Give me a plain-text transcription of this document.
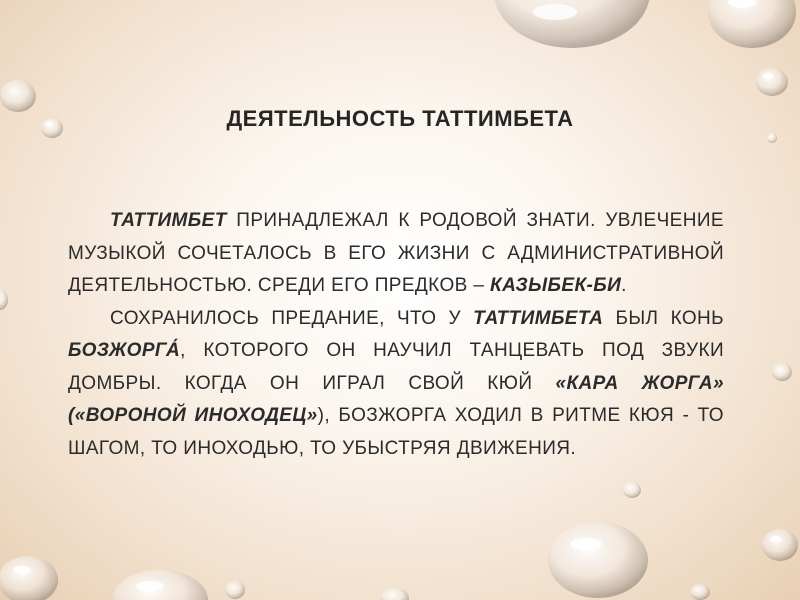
ДЕЯТЕЛЬНОСТЬ ТАТТИМБЕТА

ТАТТИМБЕТ ПРИНАДЛЕЖАЛ К РОДОВОЙ ЗНАТИ. УВЛЕЧЕНИЕ МУЗЫКОЙ СОЧЕТАЛОСЬ В ЕГО ЖИЗНИ С АДМИНИСТРАТИВНОЙ ДЕЯТЕЛЬНОСТЬЮ. СРЕДИ ЕГО ПРЕДКОВ – КАЗЫБЕК-БИ.

СОХРАНИЛОСЬ ПРЕДАНИЕ, ЧТО У ТАТТИМБЕТА БЫЛ КОНЬ БОЗЖОРГА́, КОТОРОГО ОН НАУЧИЛ ТАНЦЕВАТЬ ПОД ЗВУКИ ДОМБРЫ. КОГДА ОН ИГРАЛ СВОЙ КЮЙ «КАРА ЖОРГА» («ВОРОНОЙ ИНОХОДЕЦ»), БОЗЖОРГА ХОДИЛ В РИТМЕ КЮЯ - ТО ШАГОМ, ТО ИНОХОДЬЮ, ТО УБЫСТРЯЯ ДВИЖЕНИЯ.
